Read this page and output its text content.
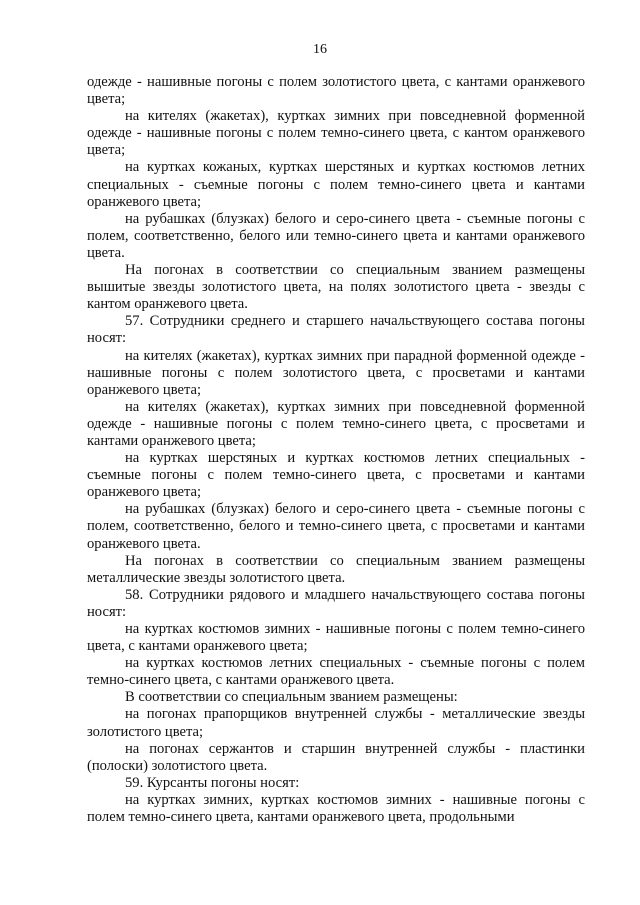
16

одежде - нашивные погоны с полем золотистого цвета, с кантами оранжевого цвета;

на кителях (жакетах), куртках зимних при повседневной форменной одежде - нашивные погоны с полем темно-синего цвета, с кантом оранжевого цвета;

на куртках кожаных, куртках шерстяных и куртках костюмов летних специальных - съемные погоны с полем темно-синего цвета и кантами оранжевого цвета;

на рубашках (блузках) белого и серо-синего цвета - съемные погоны с полем, соответственно, белого или темно-синего цвета и кантами оранжевого цвета.

На погонах в соответствии со специальным званием размещены вышитые звезды золотистого цвета, на полях золотистого цвета - звезды с кантом оранжевого цвета.

57. Сотрудники среднего и старшего начальствующего состава погоны носят:

на кителях (жакетах), куртках зимних при парадной форменной одежде - нашивные погоны с полем золотистого цвета, с просветами и кантами оранжевого цвета;

на кителях (жакетах), куртках зимних при повседневной форменной одежде - нашивные погоны с полем темно-синего цвета, с просветами и кантами оранжевого цвета;

на куртках шерстяных и куртках костюмов летних специальных - съемные погоны с полем темно-синего цвета, с просветами и кантами оранжевого цвета;

на рубашках (блузках) белого и серо-синего цвета - съемные погоны с полем, соответственно, белого и темно-синего цвета, с просветами и кантами оранжевого цвета.

На погонах в соответствии со специальным званием размещены металлические звезды золотистого цвета.

58. Сотрудники рядового и младшего начальствующего состава погоны носят:

на куртках костюмов зимних - нашивные погоны с полем темно-синего цвета, с кантами оранжевого цвета;

на куртках костюмов летних специальных - съемные погоны с полем темно-синего цвета, с кантами оранжевого цвета.

В соответствии со специальным званием размещены:

на погонах прапорщиков внутренней службы - металлические звезды золотистого цвета;

на погонах сержантов и старшин внутренней службы - пластинки (полоски) золотистого цвета.

59. Курсанты погоны носят:

на куртках зимних, куртках костюмов зимних - нашивные погоны с полем темно-синего цвета, кантами оранжевого цвета, продольными
